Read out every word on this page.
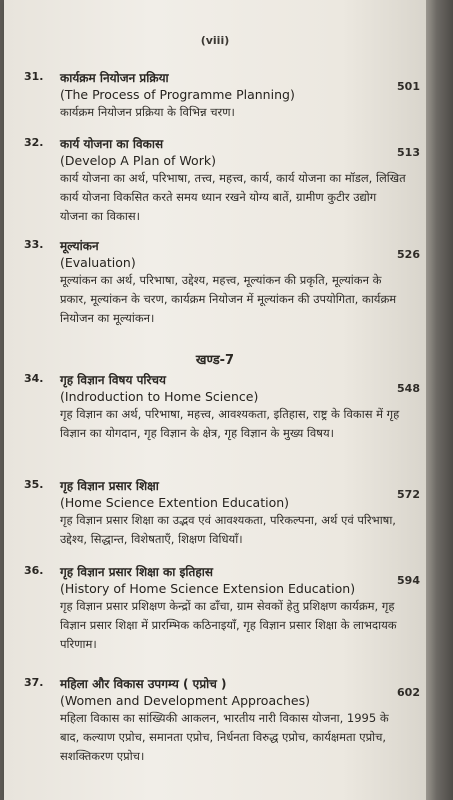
(viii)
31.	कार्यक्रम नियोजन प्रक्रिया
(The Process of Programme Planning)
कार्यक्रम नियोजन प्रक्रिया के विभिन्न चरण।
501
32.	कार्य योजना का विकास
(Develop A Plan of Work)
कार्य योजना का अर्थ, परिभाषा, तत्त्व, महत्त्व, कार्य, कार्य योजना का मॉडल, लिखित कार्य योजना विकसित करते समय ध्यान रखने योग्य बातें, ग्रामीण कुटीर उद्योग योजना का विकास।
513
33.	मूल्यांकन
(Evaluation)
मूल्यांकन का अर्थ, परिभाषा, उद्देश्य, महत्त्व, मूल्यांकन की प्रकृति, मूल्यांकन के प्रकार, मूल्यांकन के चरण, कार्यक्रम नियोजन में मूल्यांकन की उपयोगिता, कार्यक्रम नियोजन का मूल्यांकन।
526
खण्ड-7
34.	गृह विज्ञान विषय परिचय
(Indroduction to Home Science)
गृह विज्ञान का अर्थ, परिभाषा, महत्त्व, आवश्यकता, इतिहास, राष्ट्र के विकास में गृह विज्ञान का योगदान, गृह विज्ञान के क्षेत्र, गृह विज्ञान के मुख्य विषय।
548
35.	गृह विज्ञान प्रसार शिक्षा
(Home Science Extention Education)
गृह विज्ञान प्रसार शिक्षा का उद्भव एवं आवश्यकता, परिकल्पना, अर्थ एवं परिभाषा, उद्देश्य, सिद्धान्त, विशेषताएँ, शिक्षण विधियाँ।
572
36.	गृह विज्ञान प्रसार शिक्षा का इतिहास
(History of Home Science Extension Education)
गृह विज्ञान प्रसार प्रशिक्षण केन्द्रों का ढाँचा, ग्राम सेवकों हेतु प्रशिक्षण कार्यक्रम, गृह विज्ञान प्रसार शिक्षा में प्रारम्भिक कठिनाइयाँ, गृह विज्ञान प्रसार शिक्षा के लाभदायक परिणाम।
594
37.	महिला और विकास उपगम्य ( एप्रोच )
(Women and Development Approaches)
महिला विकास का सांख्यिकी आकलन, भारतीय नारी विकास योजना, 1995 के बाद, कल्याण एप्रोच, समानता एप्रोच, निर्धनता विरुद्ध एप्रोच, कार्यक्षमता एप्रोच, सशक्तिकरण एप्रोच।
602
